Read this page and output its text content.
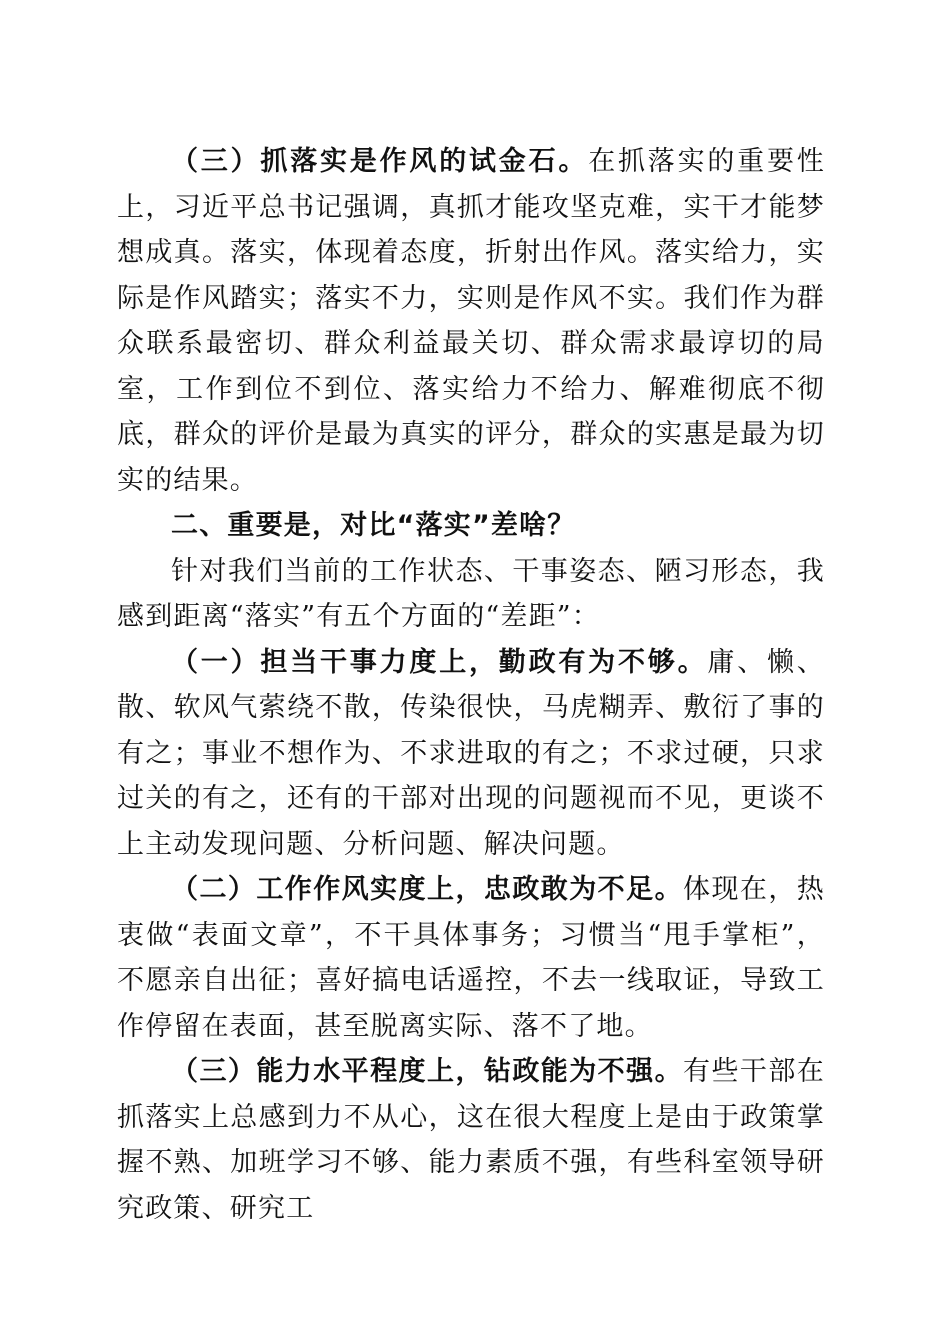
（三）抓落实是作风的试金石。在抓落实的重要性上，习近平总书记强调，真抓才能攻坚克难，实干才能梦想成真。落实，体现着态度，折射出作风。落实给力，实际是作风踏实；落实不力，实则是作风不实。我们作为群众联系最密切、群众利益最关切、群众需求最谆切的局室，工作到位不到位、落实给力不给力、解难彻底不彻底，群众的评价是最为真实的评分，群众的实惠是最为切实的结果。

二、重要是，对比“落实”差啥？

针对我们当前的工作状态、干事姿态、陋习形态，我感到距离“落实”有五个方面的“差距”：

（一）担当干事力度上，勤政有为不够。庸、懒、散、软风气萦绕不散，传染很快，马虎糊弄、敷衍了事的有之；事业不想作为、不求进取的有之；不求过硬，只求过关的有之，还有的干部对出现的问题视而不见，更谈不上主动发现问题、分析问题、解决问题。

（二）工作作风实度上，忠政敢为不足。体现在，热衷做“表面文章”，不干具体事务；习惯当“甩手掌柜”，不愿亲自出征；喜好搞电话遥控，不去一线取证，导致工作停留在表面，甚至脱离实际、落不了地。

（三）能力水平程度上，钻政能为不强。有些干部在抓落实上总感到力不从心，这在很大程度上是由于政策掌握不熟、加班学习不够、能力素质不强，有些科室领导研究政策、研究工
